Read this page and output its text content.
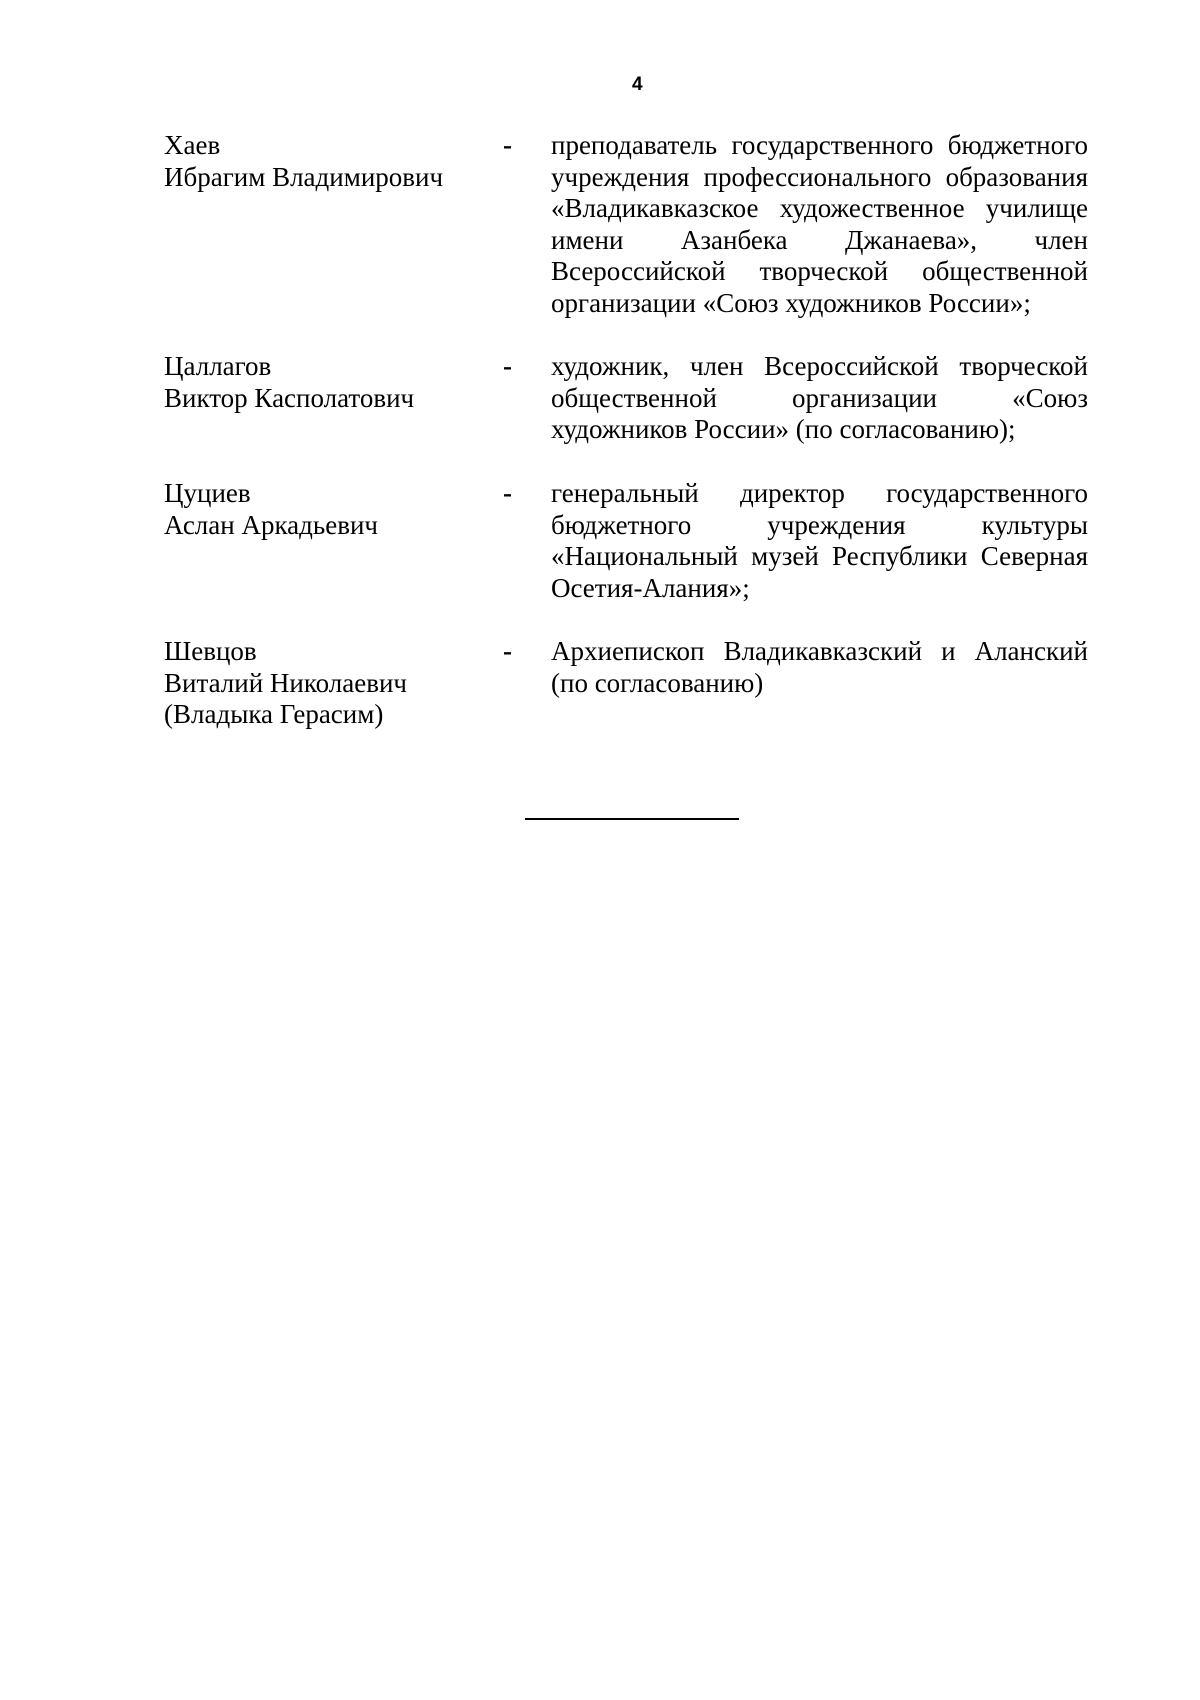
4
Хаев
Ибрагим Владимирович
- преподаватель государственного бюджетного
учреждения профессионального образования
«Владикавказское художественное училище
имени Азанбека Джанаева», член
Всероссийской творческой общественной
организации «Союз художников России»;
Цаллагов
Виктор Касполатович
- художник, член Всероссийской творческой
общественной организации «Союз
художников России» (по согласованию);
Цуциев
Аслан Аркадьевич
- генеральный директор государственного
бюджетного учреждения культуры
«Национальный музей Республики Северная
Осетия-Алания»;
Шевцов
Виталий Николаевич
(Владыка Герасим)
- Архиепископ Владикавказский и Аланский
(по согласованию)
